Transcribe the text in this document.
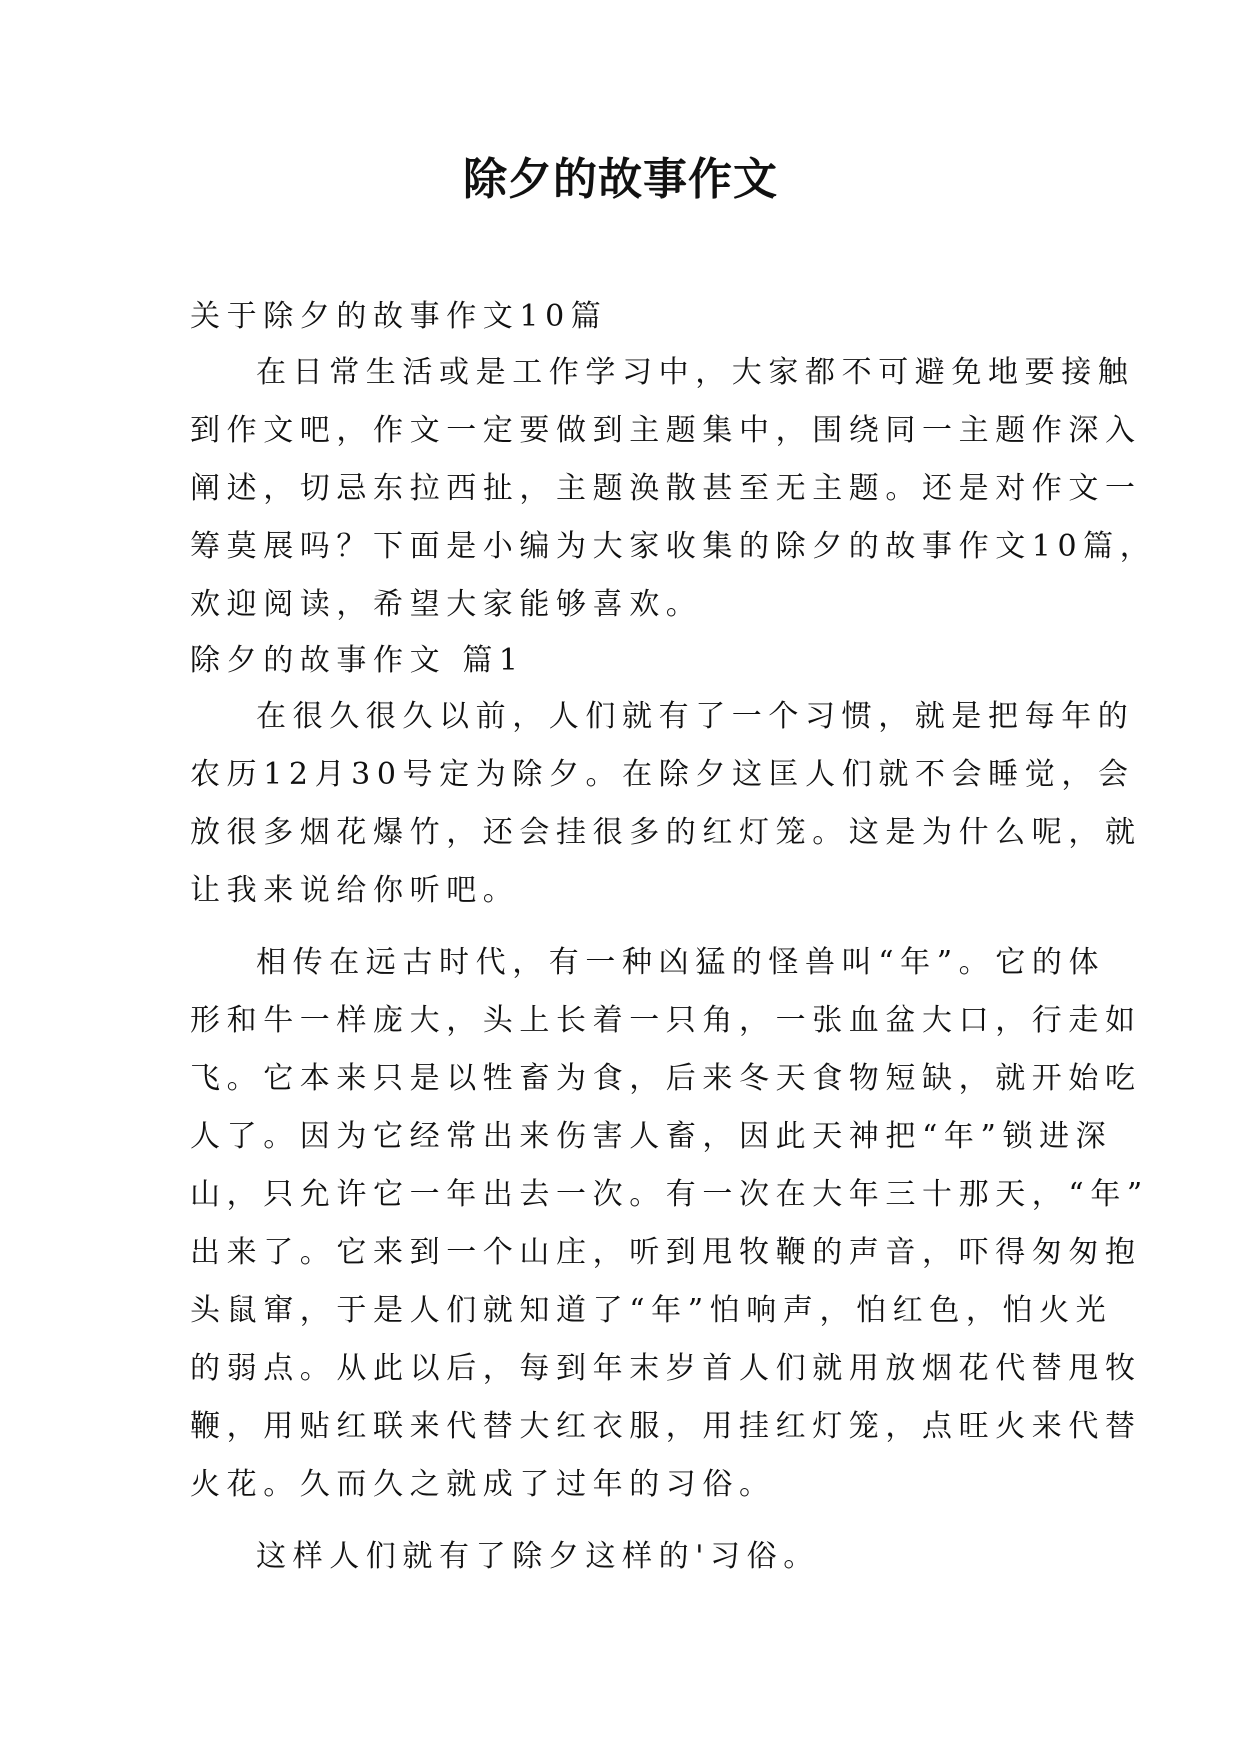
除夕的故事作文
关于除夕的故事作文10篇
在日常生活或是工作学习中，大家都不可避免地要接触
到作文吧，作文一定要做到主题集中，围绕同一主题作深入
阐述，切忌东拉西扯，主题涣散甚至无主题。还是对作文一
筹莫展吗？下面是小编为大家收集的除夕的故事作文10篇，
欢迎阅读，希望大家能够喜欢。
除夕的故事作文 篇1
在很久很久以前，人们就有了一个习惯，就是把每年的
农历12月30号定为除夕。在除夕这匡人们就不会睡觉，会
放很多烟花爆竹，还会挂很多的红灯笼。这是为什么呢，就
让我来说给你听吧。
相传在远古时代，有一种凶猛的怪兽叫“年”。它的体
形和牛一样庞大，头上长着一只角，一张血盆大口，行走如
飞。它本来只是以牲畜为食，后来冬天食物短缺，就开始吃
人了。因为它经常出来伤害人畜，因此天神把“年”锁进深
山，只允许它一年出去一次。有一次在大年三十那天，“年”
出来了。它来到一个山庄，听到甩牧鞭的声音，吓得匆匆抱
头鼠窜，于是人们就知道了“年”怕响声，怕红色，怕火光
的弱点。从此以后，每到年末岁首人们就用放烟花代替甩牧
鞭，用贴红联来代替大红衣服，用挂红灯笼，点旺火来代替
火花。久而久之就成了过年的习俗。
这样人们就有了除夕这样的'习俗。
